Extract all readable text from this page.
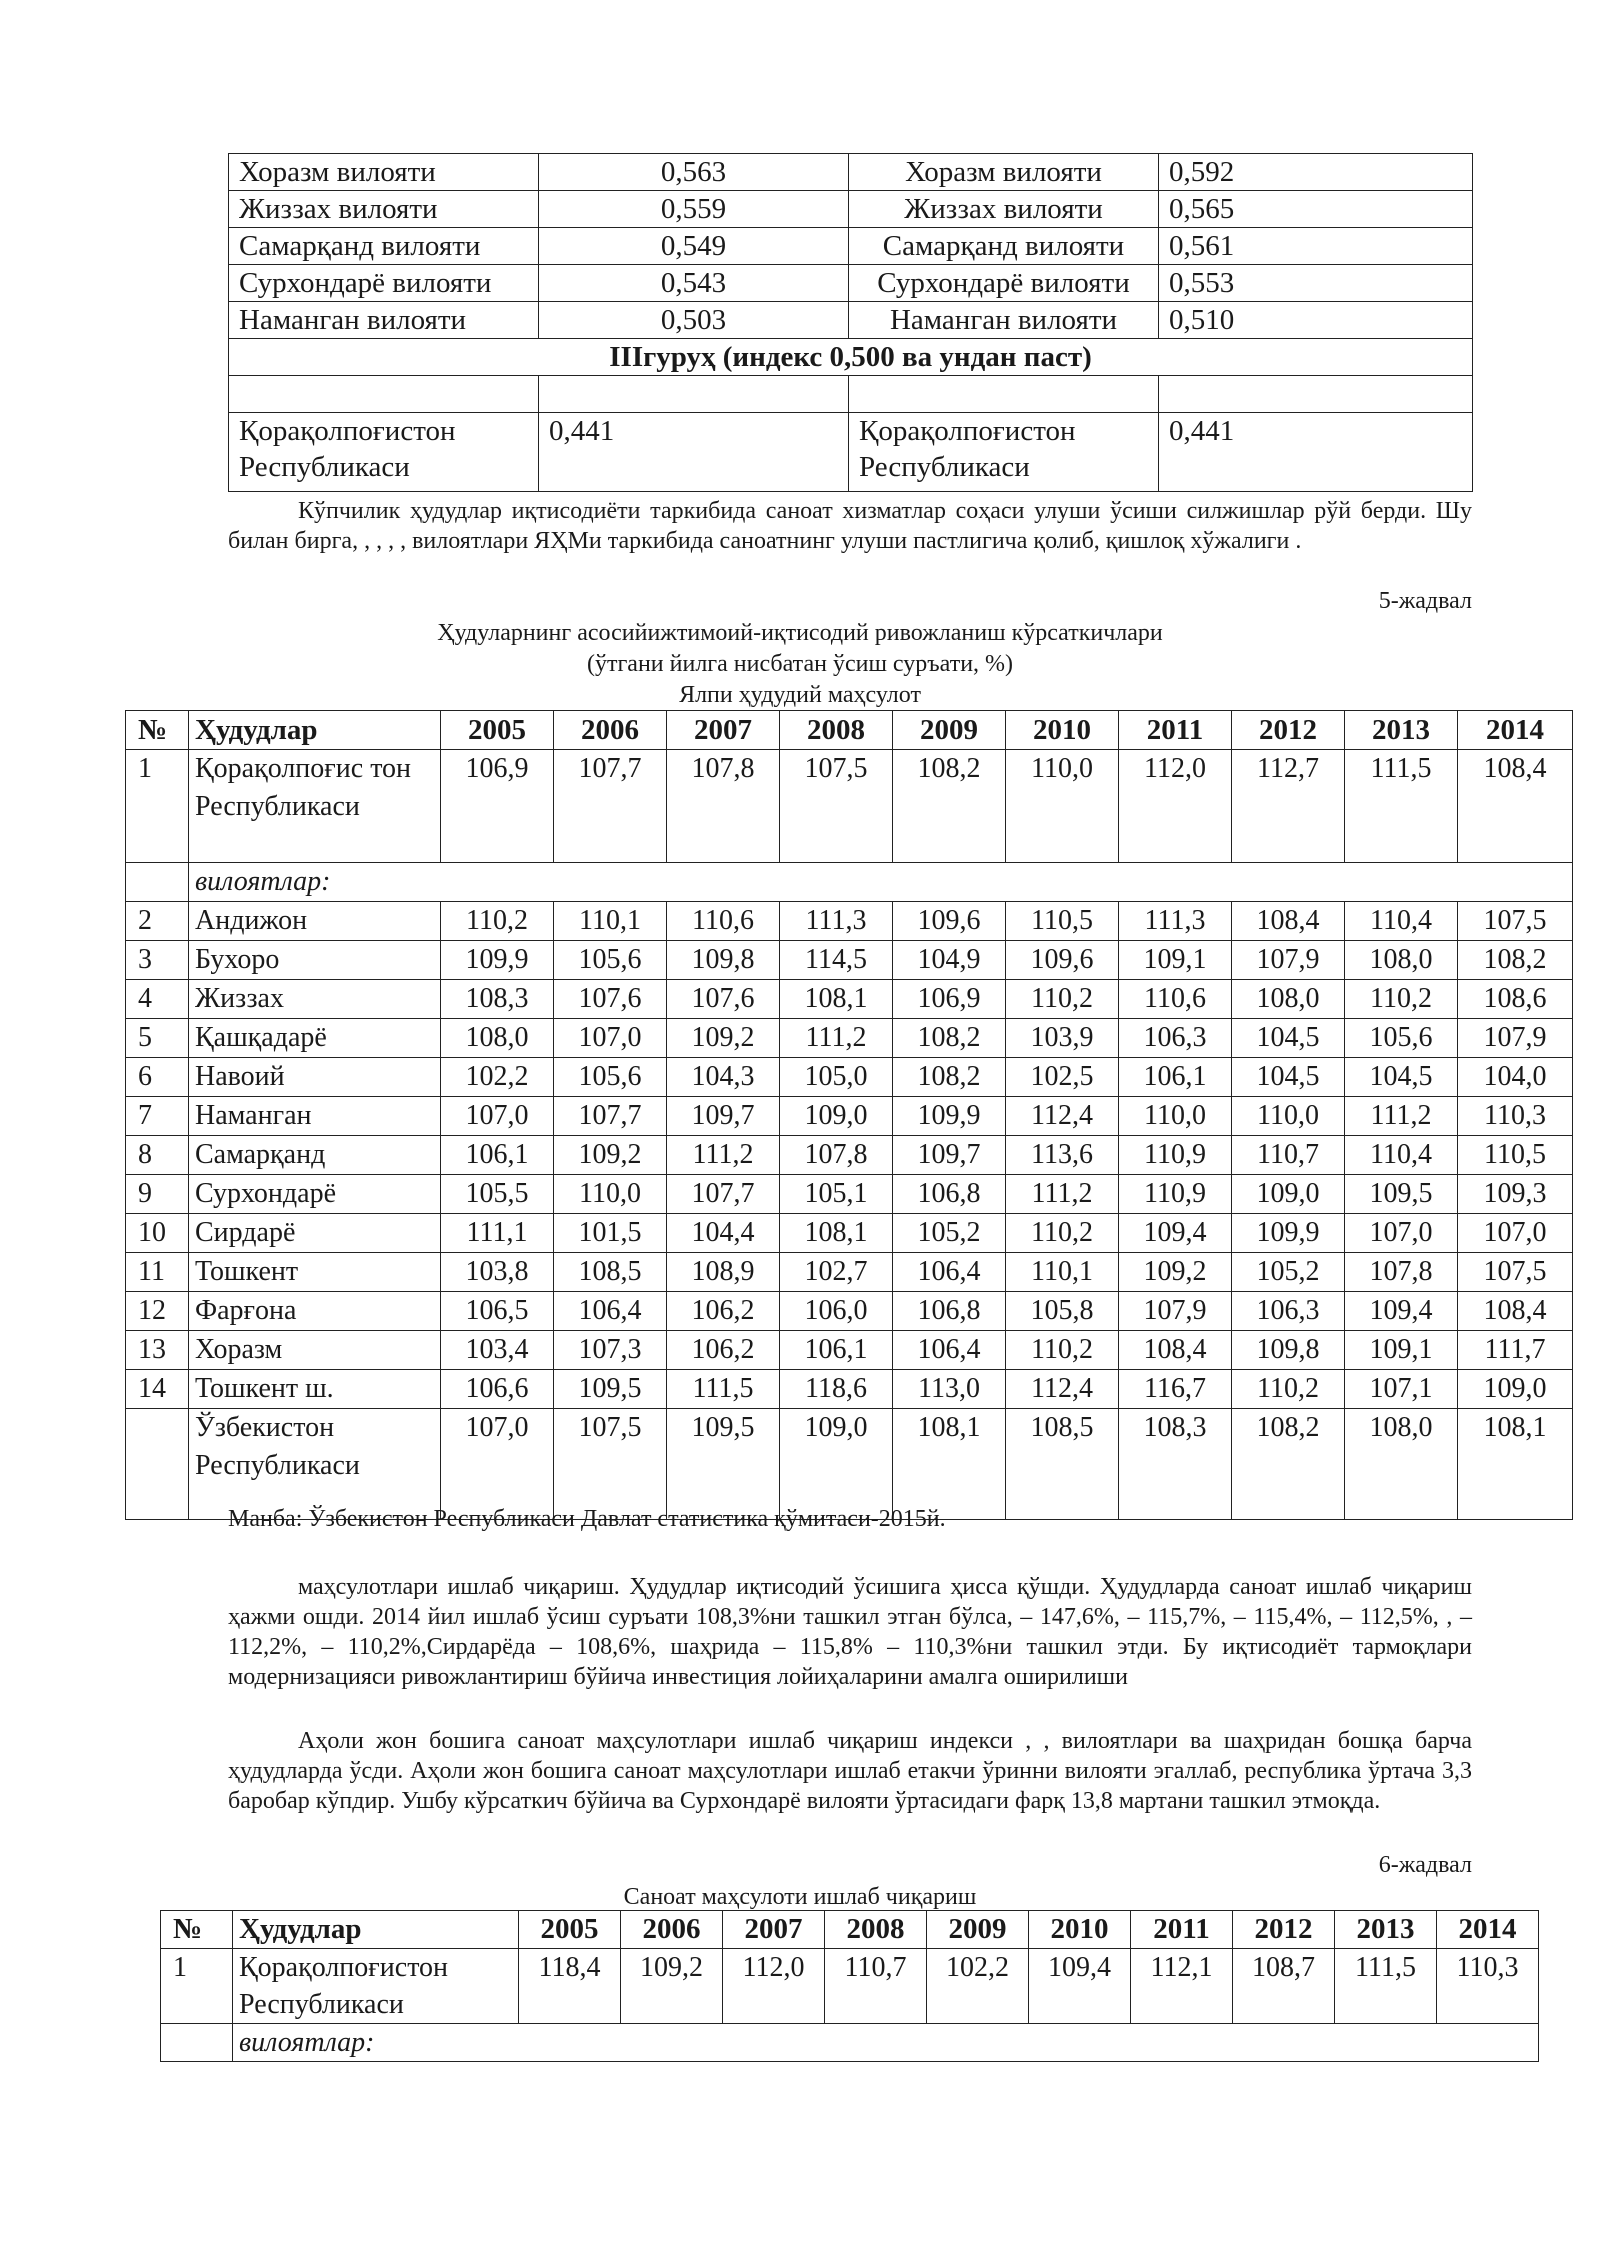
Хоразм вилояти	0,563	Хоразм вилояти	0,592
Жиззах вилояти	0,559	Жиззах вилояти	0,565
Самарқанд вилояти	0,549	Самарқанд вилояти	0,561
Сурхондарё вилояти	0,543	Сурхондарё вилояти	0,553
Наманган вилояти	0,503	Наманган вилояти	0,510
IIIгуруҳ (индекс 0,500 ва ундан паст)			

Қорақолпоғистон Республикаси	0,441	Қорақолпоғистон Республикаси	0,441
Кўпчилик ҳудудлар иқтисодиёти таркибида саноат хизматлар соҳаси улуши ўсиши силжишлар рўй берди. Шу билан бирга, , , , , вилоятлари ЯҲМи таркибида саноатнинг улуши пастлигича қолиб, қишлоқ хўжалиги .
5-жадвал
Ҳудуларнинг асосийижтимоий-иқтисодий ривожланиш кўрсаткичлари
(ўтгани йилга нисбатан ўсиш суръати, %)
Ялпи ҳудудий маҳсулот
№	Ҳудудлар	2005	2006	2007	2008	2009	2010	2011	2012	2013	2014
1	Қорақолпоғис тон Республикаси	106,9	107,7	107,8	107,5	108,2	110,0	112,0	112,7	111,5	108,4
	вилоятлар:										
2	Андижон	110,2	110,1	110,6	111,3	109,6	110,5	111,3	108,4	110,4	107,5
3	Бухоро	109,9	105,6	109,8	114,5	104,9	109,6	109,1	107,9	108,0	108,2
4	Жиззах	108,3	107,6	107,6	108,1	106,9	110,2	110,6	108,0	110,2	108,6
5	Қашқадарё	108,0	107,0	109,2	111,2	108,2	103,9	106,3	104,5	105,6	107,9
6	Навоий	102,2	105,6	104,3	105,0	108,2	102,5	106,1	104,5	104,5	104,0
7	Наманган	107,0	107,7	109,7	109,0	109,9	112,4	110,0	110,0	111,2	110,3
8	Самарқанд	106,1	109,2	111,2	107,8	109,7	113,6	110,9	110,7	110,4	110,5
9	Сурхондарё	105,5	110,0	107,7	105,1	106,8	111,2	110,9	109,0	109,5	109,3
10	Сирдарё	111,1	101,5	104,4	108,1	105,2	110,2	109,4	109,9	107,0	107,0
11	Тошкент	103,8	108,5	108,9	102,7	106,4	110,1	109,2	105,2	107,8	107,5
12	Фарғона	106,5	106,4	106,2	106,0	106,8	105,8	107,9	106,3	109,4	108,4
13	Хоразм	103,4	107,3	106,2	106,1	106,4	110,2	108,4	109,8	109,1	111,7
14	Тошкент ш.	106,6	109,5	111,5	118,6	113,0	112,4	116,7	110,2	107,1	109,0
	Ўзбекистон Республикаси	107,0	107,5	109,5	109,0	108,1	108,5	108,3	108,2	108,0	108,1
Манба: Ўзбекистон Республикаси Давлат статистика қўмитаси-2015й.
маҳсулотлари ишлаб чиқариш. Ҳудудлар иқтисодий ўсишига ҳисса қўшди. Ҳудудларда саноат ишлаб чиқариш ҳажми ошди. 2014 йил ишлаб ўсиш суръати 108,3%ни ташкил этган бўлса, – 147,6%, – 115,7%, – 115,4%, – 112,5%, , – 112,2%, – 110,2%,Сирдарёда – 108,6%, шаҳрида – 115,8% – 110,3%ни ташкил этди. Бу иқтисодиёт тармоқлари модернизацияси ривожлантириш бўйича инвестиция лойиҳаларини амалга оширилиши
Аҳоли жон бошига саноат маҳсулотлари ишлаб чиқариш индекси , , вилоятлари ва шаҳридан бошқа барча ҳудудларда ўсди. Аҳоли жон бошига саноат маҳсулотлари ишлаб етакчи ўринни вилояти эгаллаб, республика ўртача 3,3 баробар кўпдир. Ушбу кўрсаткич бўйича ва Сурхондарё вилояти ўртасидаги фарқ 13,8 мартани ташкил этмоқда.
6-жадвал
Саноат маҳсулоти ишлаб чиқариш
№	Ҳудудлар	2005	2006	2007	2008	2009	2010	2011	2012	2013	2014
1	Қорақолпоғистон Республикаси	118,4	109,2	112,0	110,7	102,2	109,4	112,1	108,7	111,5	110,3
	вилоятлар:										
